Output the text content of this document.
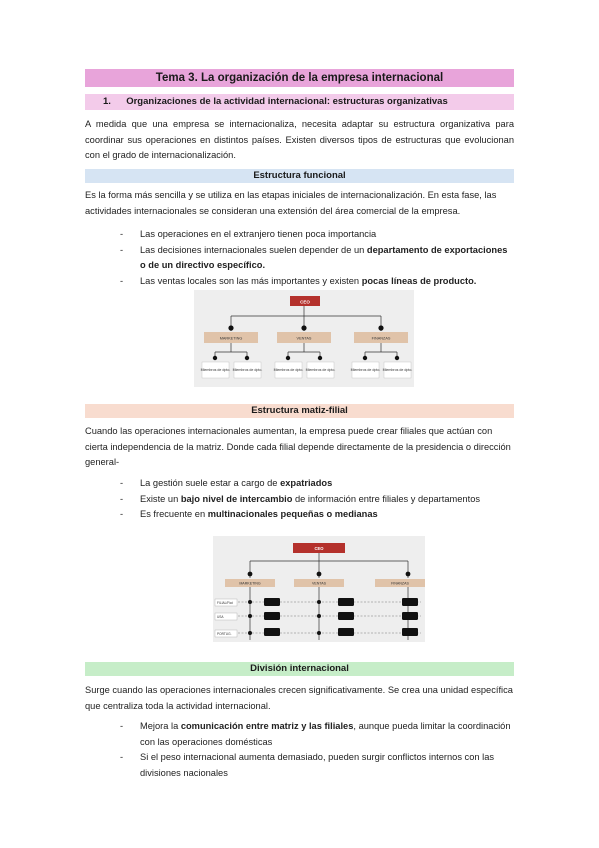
Tema 3. La organización de la empresa internacional
1. Organizaciones de la actividad internacional: estructuras organizativas
A medida que una empresa se internacionaliza, necesita adaptar su estructura organizativa para coordinar sus operaciones en distintos países. Existen diversos tipos de estructuras que evolucionan con el grado de internacionalización.
Estructura funcional
Es la forma más sencilla y se utiliza en las etapas iniciales de internacionalización. En esta fase, las actividades internacionales se consideran una extensión del área comercial de la empresa.
- Las operaciones en el extranjero tienen poca importancia
- Las decisiones internacionales suelen depender de un departamento de exportaciones o de un directivo específico.
- Las ventas locales son las más importantes y existen pocas líneas de producto.
CEO
MARKETING	VENTAS	FINANZAS
Miembros de dpto. Miembros de dpto.	Miembros de dpto. Miembros de dpto.	Miembros de dpto. Miembros de dpto.
Estructura matiz-filial
Cuando las operaciones internacionales aumentan, la empresa puede crear filiales que actúan con cierta independencia de la matriz. Donde cada filial depende directamente de la presidencia o dirección general-
- La gestión suele estar a cargo de expatriados
- Existe un bajo nivel de intercambio de información entre filiales y departamentos
- Es frecuente en multinacionales pequeñas o medianas
CEO
MARKETING	VENTAS	FINANZAS
FILIAL/Fiat
USA
PORTUG.
División internacional
Surge cuando las operaciones internacionales crecen significativamente. Se crea una unidad específica que centraliza toda la actividad internacional.
- Mejora la comunicación entre matriz y las filiales, aunque pueda limitar la coordinación con las operaciones domésticas
- Si el peso internacional aumenta demasiado, pueden surgir conflictos internos con las divisiones nacionales
